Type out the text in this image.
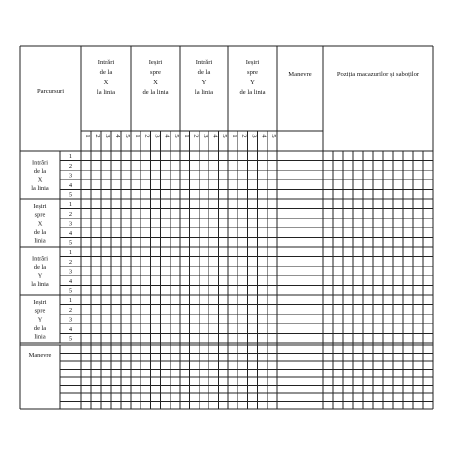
Parcursuri
Intrări
de la
X
la linia
1 2 3 4 5
Ieșiri
spre
X
de la linia
1 2 3 4 5
Intrări
de la
Y
la linia
1 2 3 4 5
Ieșiri
spre
Y
de la linia
1 2 3 4 5
Manevre	Poziția macazurilor și saboților
Intrări
de la
X
la linia
1
2
3
4
5
Ieșiri
spre
X
de la
linia
1
2
3
4
5
Intrări
de la
Y
la linia
1
2
3
4
5
Ieșiri
spre
Y
de la
linia
1
2
3
4
5
Manevre
